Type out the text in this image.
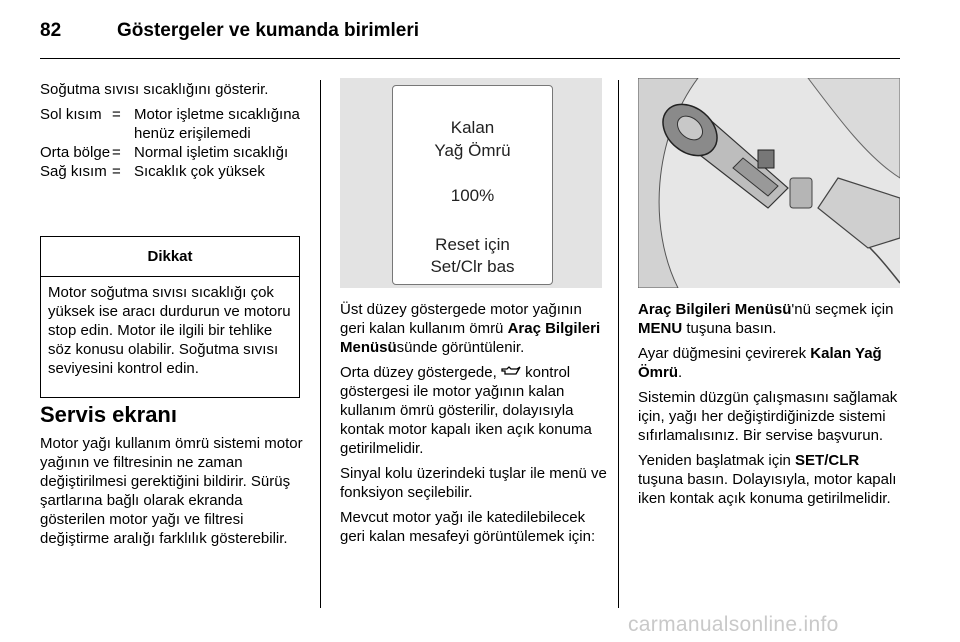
82	Göstergeler ve kumanda birimleri

Soğutma sıvısı sıcaklığını gösterir.

Sol kısım = Motor işletme sıcaklığına henüz erişilemedi
Orta bölge = Normal işletim sıcaklığı
Sağ kısım = Sıcaklık çok yüksek
Dikkat
Motor soğutma sıvısı sıcaklığı çok yüksek ise aracı durdurun ve motoru stop edin. Motor ile ilgili bir tehlike söz konusu olabilir. Soğutma sıvısı seviyesini kontrol edin.
Servis ekranı

Motor yağı kullanım ömrü sistemi motor yağının ve filtresinin ne zaman değiştirilmesi gerektiğini bildirir. Sürüş şartlarına bağlı olarak ekranda gösterilen motor yağı ve filtresi değiştirme aralığı farklılık gösterebilir.

Kalan
Yağ Ömrü
100%
Reset için
Set/Clr bas

Üst düzey göstergede motor yağının geri kalan kullanım ömrü Araç Bilgileri Menüsüsünde görüntülenir.

Orta düzey göstergede,  kontrol göstergesi ile motor yağının kalan kullanım ömrü gösterilir, dolayısıyla kontak motor kapalı iken açık konuma getirilmelidir.

Sinyal kolu üzerindeki tuşlar ile menü ve fonksiyon seçilebilir.

Mevcut motor yağı ile katedilebilecek geri kalan mesafeyi görüntülemek için:

Araç Bilgileri Menüsü'nü seçmek için MENU tuşuna basın.

Ayar düğmesini çevirerek Kalan Yağ Ömrü.

Sistemin düzgün çalışmasını sağlamak için, yağı her değiştirdiğinizde sistemi sıfırlamalısınız. Bir servise başvurun.

Yeniden başlatmak için SET/CLR tuşuna basın. Dolayısıyla, motor kapalı iken kontak açık konuma getirilmelidir.

carmanualsonline.info
